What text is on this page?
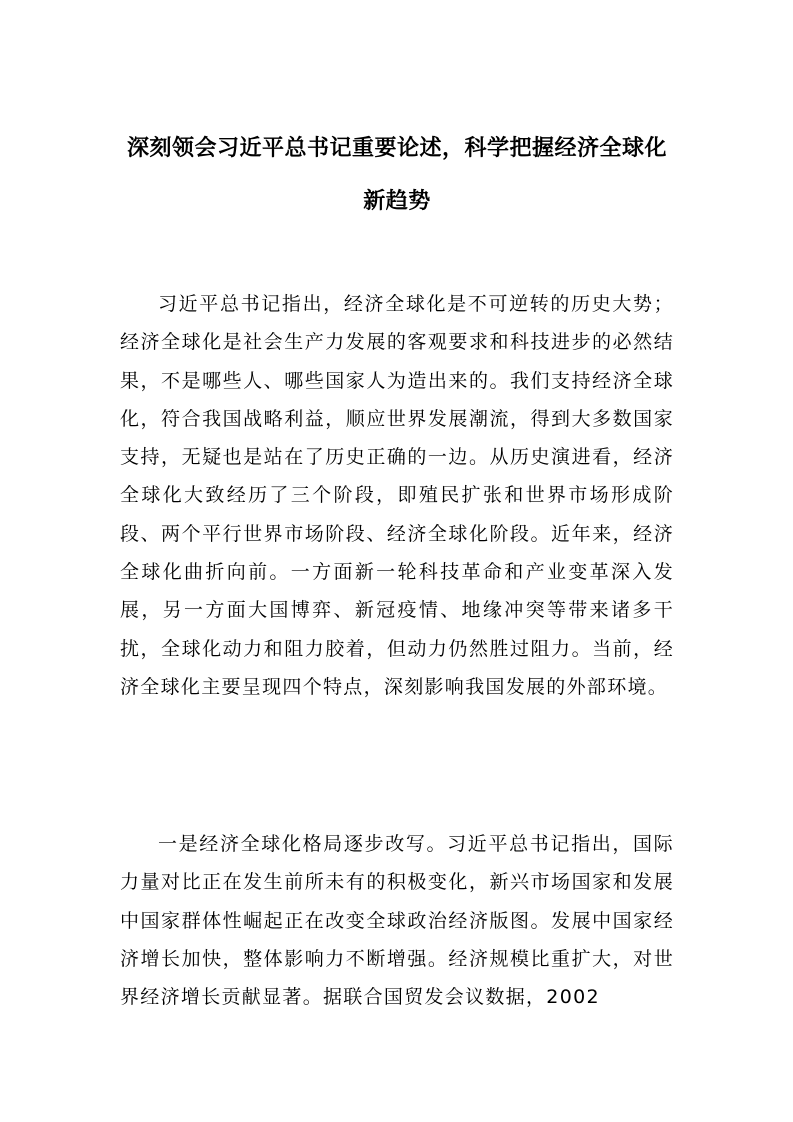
深刻领会习近平总书记重要论述，科学把握经济全球化新趋势

习近平总书记指出，经济全球化是不可逆转的历史大势；经济全球化是社会生产力发展的客观要求和科技进步的必然结果，不是哪些人、哪些国家人为造出来的。我们支持经济全球化，符合我国战略利益，顺应世界发展潮流，得到大多数国家支持，无疑也是站在了历史正确的一边。从历史演进看，经济全球化大致经历了三个阶段，即殖民扩张和世界市场形成阶段、两个平行世界市场阶段、经济全球化阶段。近年来，经济全球化曲折向前。一方面新一轮科技革命和产业变革深入发展，另一方面大国博弈、新冠疫情、地缘冲突等带来诸多干扰，全球化动力和阻力胶着，但动力仍然胜过阻力。当前，经济全球化主要呈现四个特点，深刻影响我国发展的外部环境。

一是经济全球化格局逐步改写。习近平总书记指出，国际力量对比正在发生前所未有的积极变化，新兴市场国家和发展中国家群体性崛起正在改变全球政治经济版图。发展中国家经济增长加快，整体影响力不断增强。经济规模比重扩大，对世界经济增长贡献显著。据联合国贸发会议数据，2002
